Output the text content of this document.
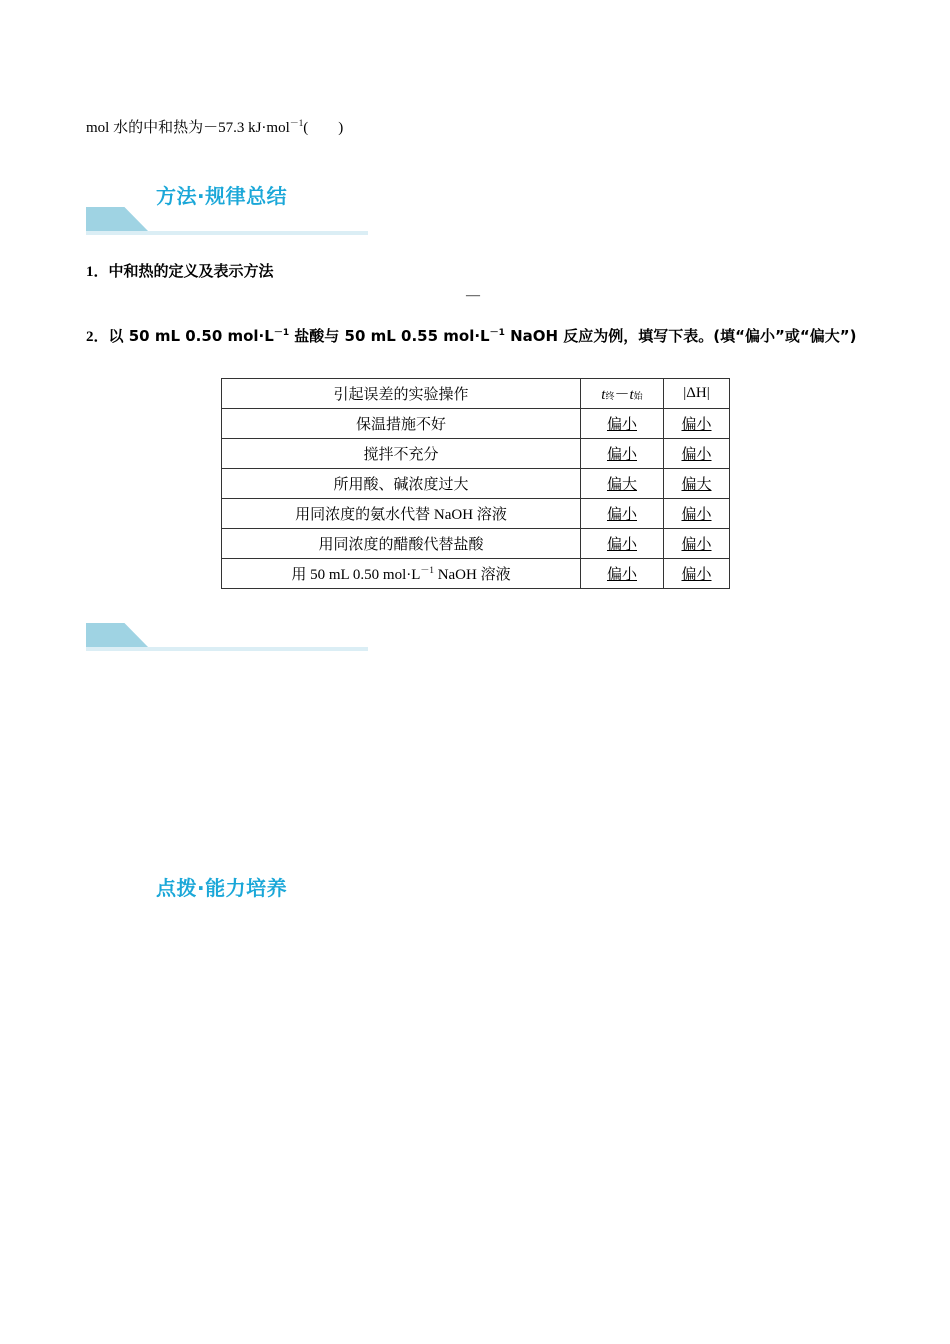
mol 水的中和热为－57.3 kJ·mol$^{-1}$(　　)
方法·规律总结
1．中和热的定义及表示方法
—
2．以 50 mL 0.50 $mol\cdot L^{-1}$ 盐酸与 50 mL 0.55 $mol\cdot L^{-1}$ NaOH 反应为例，填写下表。(填“偏小”或“偏大”)
引起误差的实验操作	t终－t始	|ΔH|
保温措施不好	偏小	偏小
搅拌不充分	偏小	偏小
所用酸、碱浓度过大	偏大	偏大
用同浓度的氨水代替 NaOH 溶液	偏小	偏小
用同浓度的醋酸代替盐酸	偏小	偏小
用 50 mL 0.50 $mol\cdot L^{-1}$ NaOH 溶液	偏小	偏小
点拨·能力培养
